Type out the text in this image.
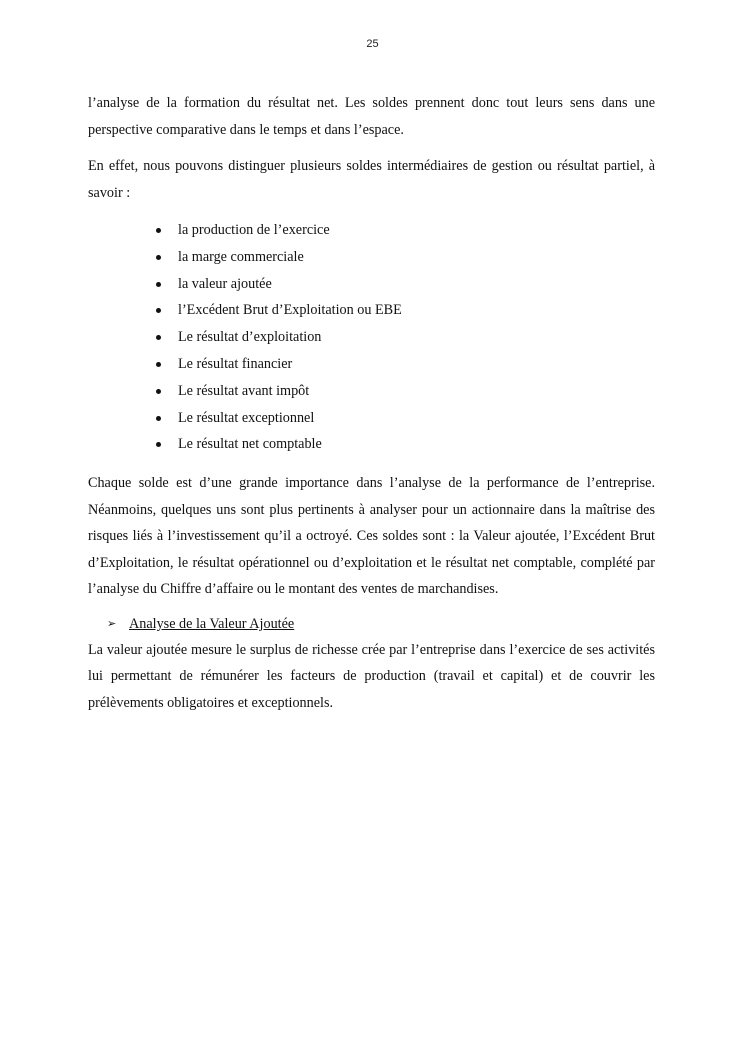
25

l’analyse de la formation du résultat net. Les soldes prennent donc tout leurs sens dans une perspective comparative dans le temps et dans l’espace.

En effet, nous pouvons distinguer plusieurs soldes intermédiaires de gestion ou résultat partiel, à savoir :

la production de l’exercice
la marge commerciale
la valeur ajoutée
l’Excédent Brut d’Exploitation ou EBE
Le résultat d’exploitation
Le résultat financier
Le résultat avant impôt
Le résultat exceptionnel
Le résultat net comptable

Chaque solde est d’une grande importance dans l’analyse de la performance de l’entreprise. Néanmoins, quelques uns sont plus pertinents à analyser pour un actionnaire dans la maîtrise des risques liés à l’investissement qu’il a octroyé. Ces soldes sont : la Valeur ajoutée, l’Excédent Brut d’Exploitation, le résultat opérationnel ou d’exploitation et le résultat net comptable, complété par l’analyse du Chiffre d’affaire ou le montant des ventes de marchandises.

➢ Analyse de la Valeur Ajoutée

La valeur ajoutée mesure le surplus de richesse crée par l’entreprise dans l’exercice de ses activités lui permettant de rémunérer les facteurs de production (travail et capital) et de couvrir les prélèvements obligatoires et exceptionnels.
